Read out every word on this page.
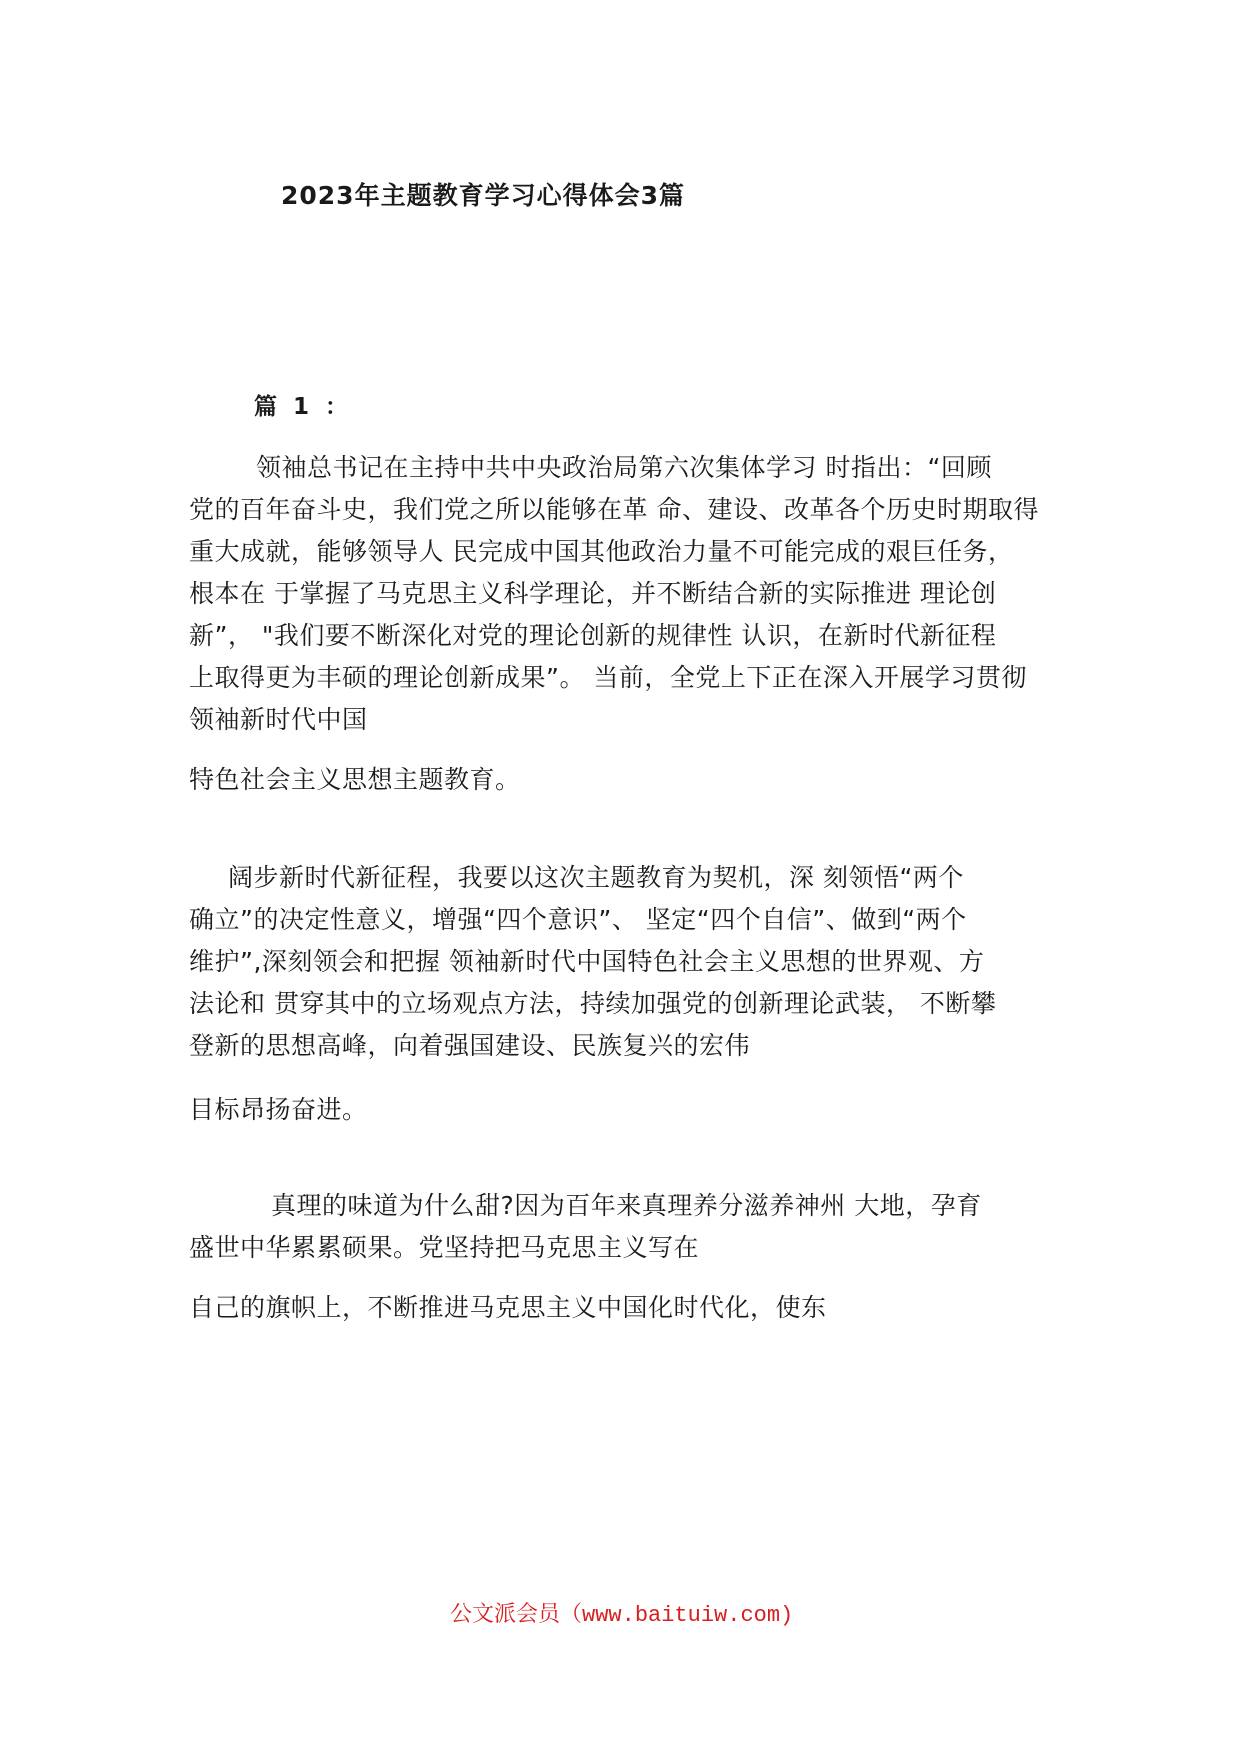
2023年主题教育学习心得体会3篇
篇 1 ：
领袖总书记在主持中共中央政治局第六次集体学习 时指出：“回顾
党的百年奋斗史，我们党之所以能够在革 命、建设、改革各个历史时期取得
重大成就，能够领导人 民完成中国其他政治力量不可能完成的艰巨任务，
根本在 于掌握了马克思主义科学理论，并不断结合新的实际推进 理论创
新”， "我们要不断深化对党的理论创新的规律性 认识，在新时代新征程
上取得更为丰硕的理论创新成果”。 当前，全党上下正在深入开展学习贯彻
领袖新时代中国
特色社会主义思想主题教育。
阔步新时代新征程，我要以这次主题教育为契机，深 刻领悟“两个
确立”的决定性意义，增强“四个意识”、 坚定“四个自信”、做到“两个
维护”,深刻领会和把握 领袖新时代中国特色社会主义思想的世界观、方
法论和 贯穿其中的立场观点方法，持续加强党的创新理论武装， 不断攀
登新的思想高峰，向着强国建设、民族复兴的宏伟
目标昂扬奋进。
真理的味道为什么甜?因为百年来真理养分滋养神州 大地，孕育
盛世中华累累硕果。党坚持把马克思主义写在
自己的旗帜上，不断推进马克思主义中国化时代化，使东
公文派会员（www.baituiw.com)
